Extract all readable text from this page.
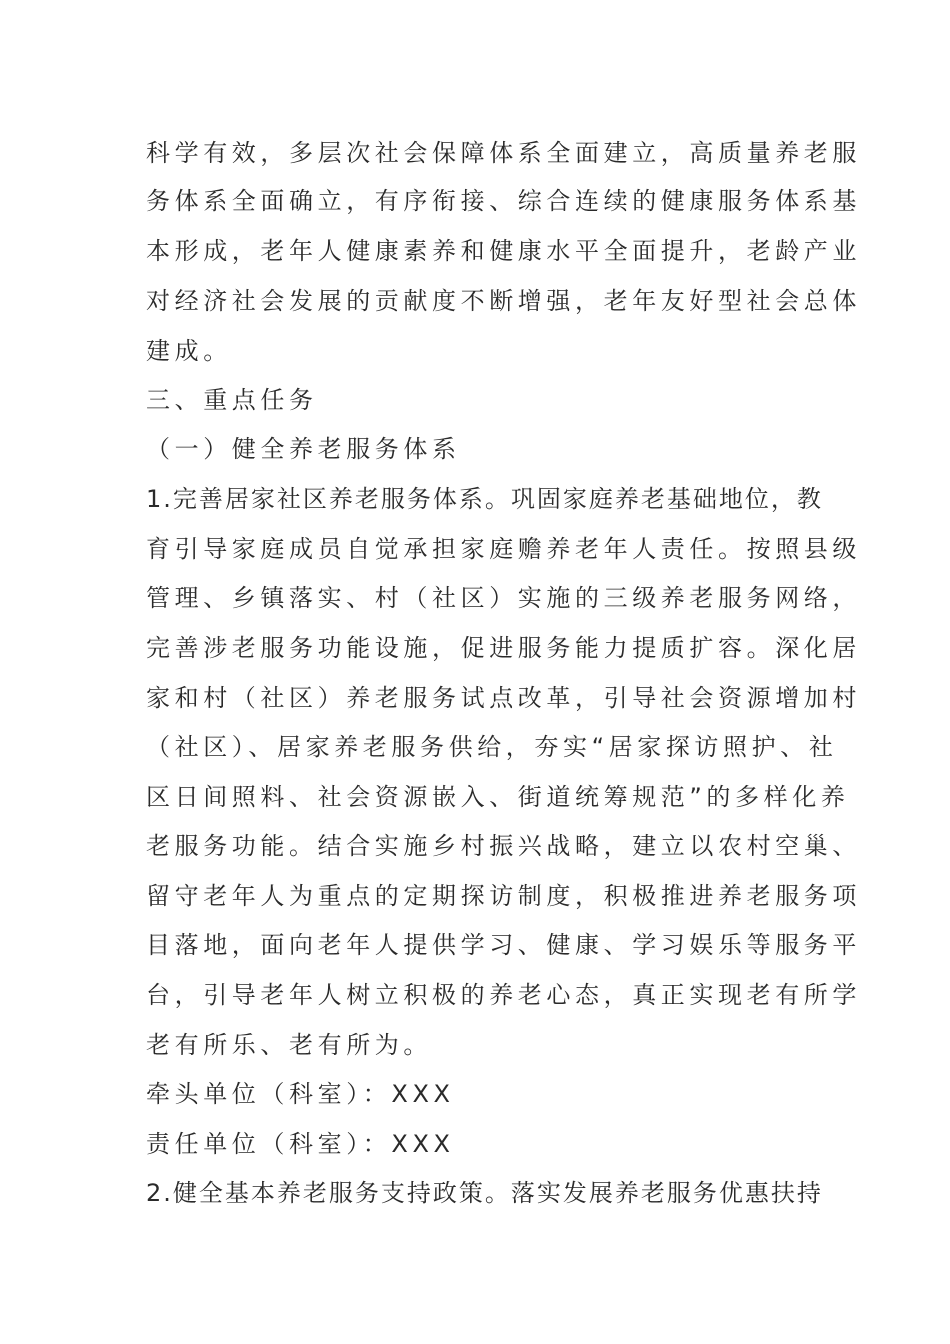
科学有效，多层次社会保障体系全面建立，高质量养老服
务体系全面确立，有序衔接、综合连续的健康服务体系基
本形成，老年人健康素养和健康水平全面提升，老龄产业
对经济社会发展的贡献度不断增强，老年友好型社会总体
建成。
三、重点任务
（一）健全养老服务体系
1.完善居家社区养老服务体系。巩固家庭养老基础地位，教
育引导家庭成员自觉承担家庭赡养老年人责任。按照县级
管理、乡镇落实、村（社区）实施的三级养老服务网络，
完善涉老服务功能设施，促进服务能力提质扩容。深化居
家和村（社区）养老服务试点改革，引导社会资源增加村
（社区）、居家养老服务供给，夯实“居家探访照护、社
区日间照料、社会资源嵌入、街道统筹规范”的多样化养
老服务功能。结合实施乡村振兴战略，建立以农村空巢、
留守老年人为重点的定期探访制度，积极推进养老服务项
目落地，面向老年人提供学习、健康、学习娱乐等服务平
台，引导老年人树立积极的养老心态，真正实现老有所学
老有所乐、老有所为。
牵头单位（科室）：XXX
责任单位（科室）：XXX
2.健全基本养老服务支持政策。落实发展养老服务优惠扶持
